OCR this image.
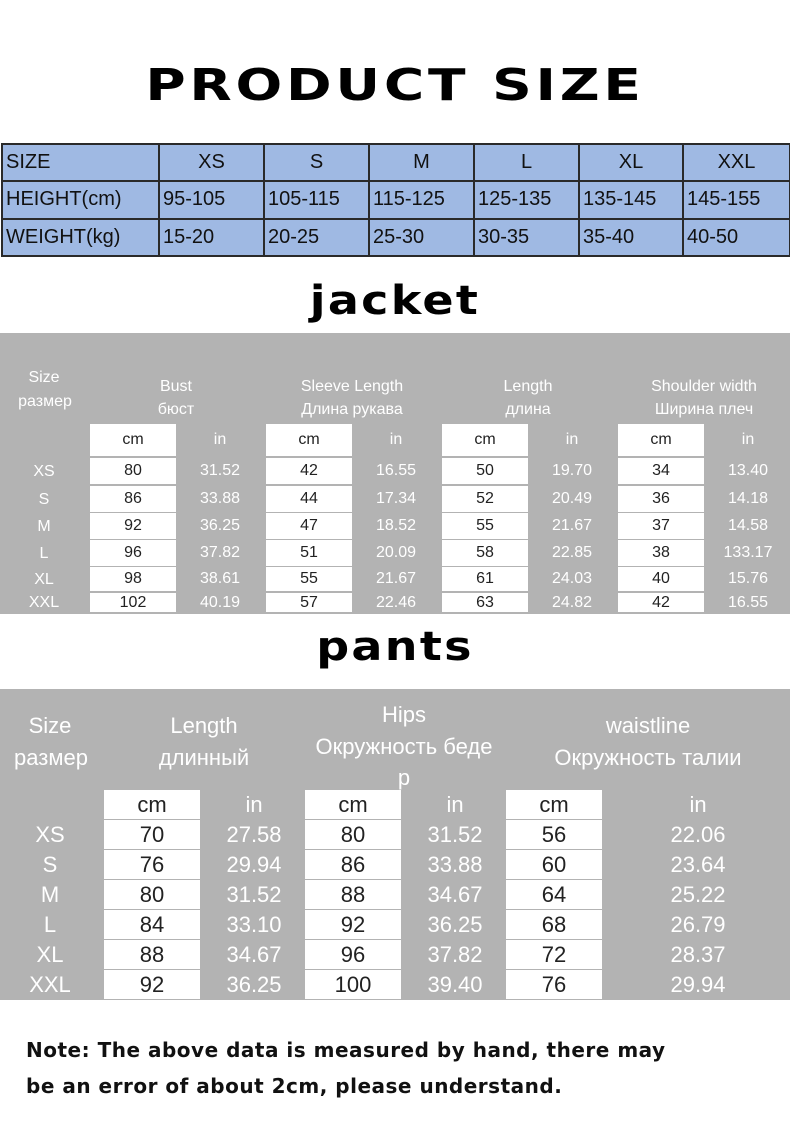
PRODUCT SIZE
SIZE	XS	S	M	L	XL	XXL
HEIGHT(cm)	95-105	105-115	115-125	125-135	135-145	145-155
WEIGHT(kg)	15-20	20-25	25-30	30-35	35-40	40-50
jacket
Size
размер
Bust
бюст
Sleeve Length
Длина рукава
Length
длина
Shoulder width
Ширина плеч
cm	in	cm	in	cm	in	cm	in
XS	80	31.52	42	16.55	50	19.70	34	13.40
S	86	33.88	44	17.34	52	20.49	36	14.18
M	92	36.25	47	18.52	55	21.67	37	14.58
L	96	37.82	51	20.09	58	22.85	38	133.17
XL	98	38.61	55	21.67	61	24.03	40	15.76
XXL	102	40.19	57	22.46	63	24.82	42	16.55
pants
Size
размер
Length
длинный
Hips
Окружность беде
р
waistline
Окружность талии
cm	in	cm	in	cm	in
XS	70	27.58	80	31.52	56	22.06
S	76	29.94	86	33.88	60	23.64
M	80	31.52	88	34.67	64	25.22
L	84	33.10	92	36.25	68	26.79
XL	88	34.67	96	37.82	72	28.37
XXL	92	36.25	100	39.40	76	29.94
Note: The above data is measured by hand, there may
be an error of about 2cm, please understand.
